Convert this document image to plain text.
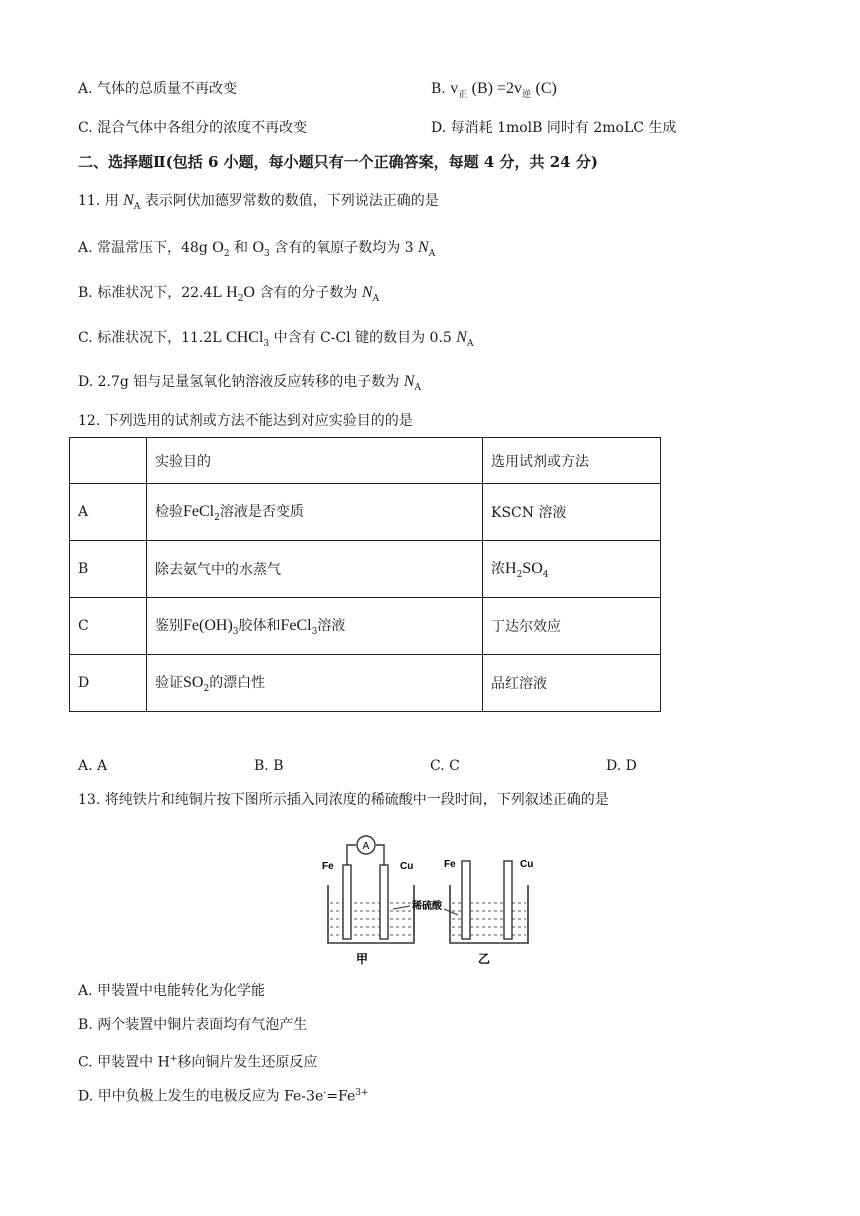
A. 气体的总质量不再改变	B. $v_正$ $(B) =2v_逆$ (C)
C. 混合气体中各组分的浓度不再改变	D. 每消耗 1molB 同时有 2moLC 生成
二、选择题Ⅱ(包括 6 小题，每小题只有一个正确答案，每题 4 分，共 24 分)
11. 用 $N_A$ 表示阿伏加德罗常数的数值，下列说法正确的是
A. 常温常压下，48g $O_2$ 和 $O_3$ 含有的氧原子数均为 3 $N_A$
B. 标准状况下，22.4L $H_2O$ 含有的分子数为 $N_A$
C. 标准状况下，11.2L CHCl$_3$ 中含有 C-Cl 键的数目为 0.5 $N_A$
D. 2.7g 铝与足量氢氧化钠溶液反应转移的电子数为 $N_A$
12. 下列选用的试剂或方法不能达到对应实验目的的是
	实验目的	选用试剂或方法
A	检验FeCl$_2$溶液是否变质	KSCN 溶液
B	除去氨气中的水蒸气	浓$H_2SO_4$
C	鉴别$Fe(OH)_3$胶体和FeCl$_3$溶液	丁达尔效应
D	验证$SO_2$的漂白性	品红溶液
A. A	B. B	C. C	D. D
13. 将纯铁片和纯铜片按下图所示插入同浓度的稀硫酸中一段时间，下列叙述正确的是
A
Fe	Cu
稀硫酸
Fe	Cu
甲	乙
A. 甲装置中电能转化为化学能
B. 两个装置中铜片表面均有气泡产生
C. 甲装置中 H+移向铜片发生还原反应
D. 甲中负极上发生的电极反应为 $Fe-3e^-=Fe^{3+}$
